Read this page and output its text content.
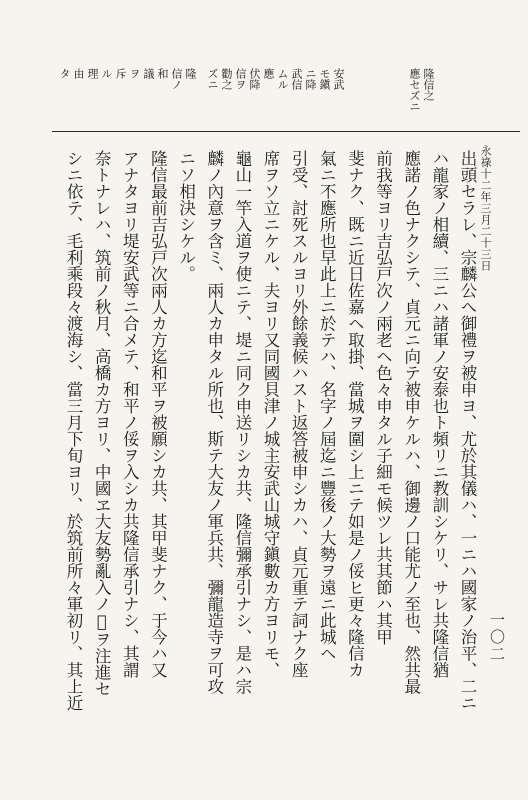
隆信之
應セズニ
安武
モ鎭
ニ降
武信
ムル
應
伏降
信ヲ
勸之
ズニ
隆
信ノ
和
議
ヲ
斥
ル
理
由
タ
一〇二
永祿十二年三月二十三日
出頭セラレ、宗麟公へ御禮ヲ被申ヨ、尤於其儀ハ、一ニハ國家ノ治平、二ニ
ハ龍家ノ相續、三ニハ諸軍ノ安泰也ト頻リニ教訓シケリ、サレ共隆信猶
應諾ノ色ナクシテ、貞元ニ向テ被申ケルハ、御邊ノ口能尤ノ至也、然共最
前我等ヨリ吉弘戸次ノ兩老ヘ色々申タル子細モ候ツレ共其節ハ其甲
斐ナク、既ニ近日佐嘉ヘ取掛、當城ヲ圍シ上ニテ如是ノ俀ヒ更々隆信カ
氣ニ不應所也早此上ニ於テハ、名字ノ屆迄ニ豐後ノ大勢ヲ遠ニ此城ヘ
引受、討死スルヨリ外餘義候ハスト返答被申シカハ、貞元重テ詞ナク座
席ヲソ立ニケル、夫ヨリ又同國貝津ノ城主安武山城守鎭數カ方ヨリモ、
龜山一竿入道ヲ使ニテ、堤ニ同ク申送リシカ共、隆信彌承引ナシ、是ハ宗
麟ノ內意ヲ含ミ、兩人カ申タル所也、斯テ大友ノ軍兵共、彌龍造寺ヲ可攻
ニソ相決シケル。
隆信最前吉弘戸次兩人カ方迄和平ヲ被願シカ共、其甲斐ナク、于今ハ又
アナタヨリ堤安武等ニ合メテ、和平ノ俀ヲ入シカ共隆信承引ナシ、其謂
奈トナレハ、筑前ノ秋月、高橋カ方ヨリ、中國ヱ大友勢亂入ノ𫝂ヲ注進セ
シニ依テ、毛利乘段々渡海シ、當三月下旬ヨリ、於筑前所々軍初リ、其上近
